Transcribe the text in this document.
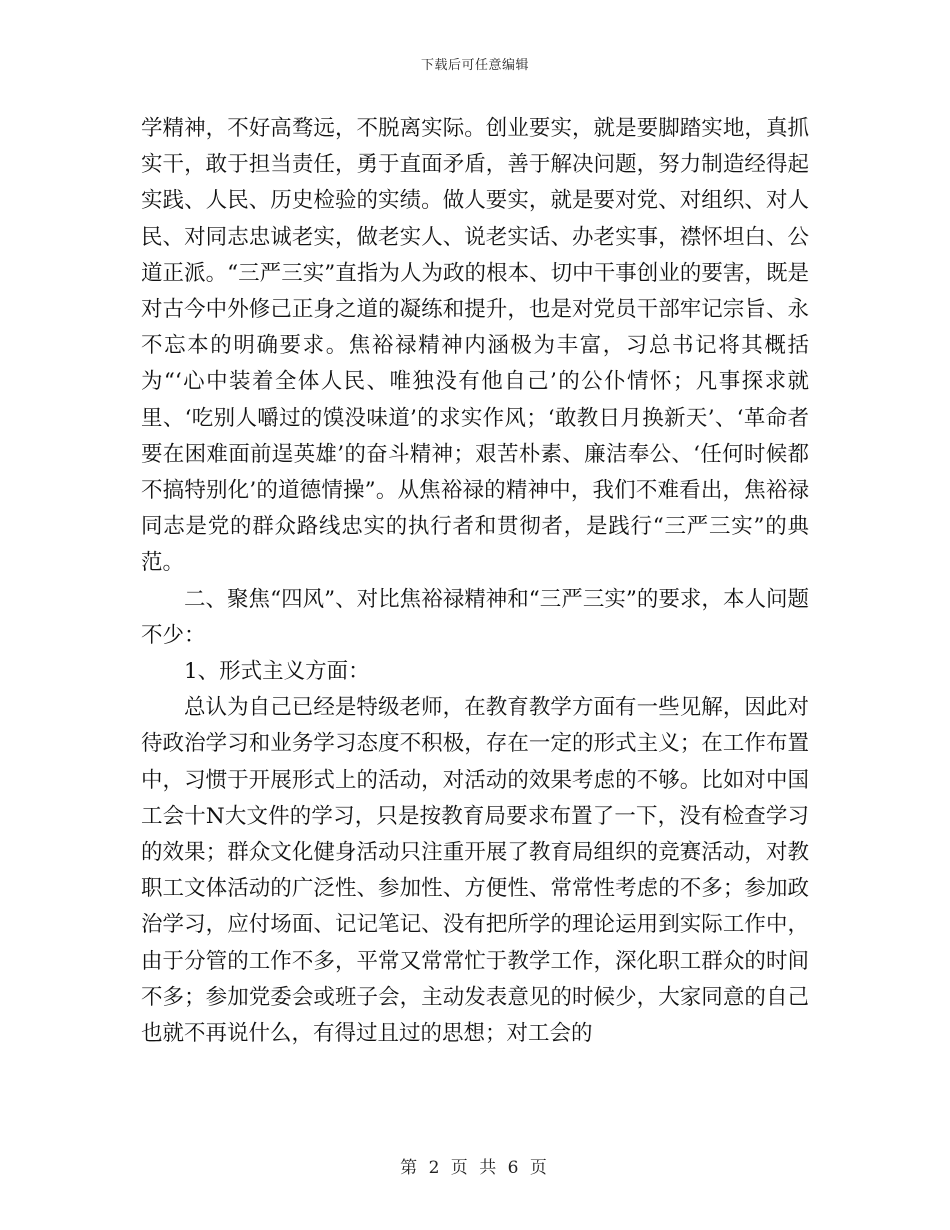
下载后可任意编辑

学精神，不好高骛远，不脱离实际。创业要实，就是要脚踏实地，真抓实干，敢于担当责任，勇于直面矛盾，善于解决问题，努力制造经得起实践、人民、历史检验的实绩。做人要实，就是要对党、对组织、对人民、对同志忠诚老实，做老实人、说老实话、办老实事，襟怀坦白、公道正派。“三严三实”直指为人为政的根本、切中干事创业的要害，既是对古今中外修己正身之道的凝练和提升，也是对党员干部牢记宗旨、永不忘本的明确要求。焦裕禄精神内涵极为丰富，习总书记将其概括为“‘心中装着全体人民、唯独没有他自己’的公仆情怀；凡事探求就里、‘吃别人嚼过的馍没味道’的求实作风；‘敢教日月换新天’、‘革命者要在困难面前逞英雄’的奋斗精神；艰苦朴素、廉洁奉公、‘任何时候都不搞特别化’的道德情操”。从焦裕禄的精神中，我们不难看出，焦裕禄同志是党的群众路线忠实的执行者和贯彻者，是践行“三严三实”的典范。

二、聚焦“四风”、对比焦裕禄精神和“三严三实”的要求，本人问题不少：

1、形式主义方面：

总认为自己已经是特级老师，在教育教学方面有一些见解，因此对待政治学习和业务学习态度不积极，存在一定的形式主义；在工作布置中，习惯于开展形式上的活动，对活动的效果考虑的不够。比如对中国工会十N大文件的学习，只是按教育局要求布置了一下，没有检查学习的效果；群众文化健身活动只注重开展了教育局组织的竞赛活动，对教职工文体活动的广泛性、参加性、方便性、常常性考虑的不多；参加政治学习，应付场面、记记笔记、没有把所学的理论运用到实际工作中，由于分管的工作不多，平常又常常忙于教学工作，深化职工群众的时间不多；参加党委会或班子会，主动发表意见的时候少，大家同意的自己也就不再说什么，有得过且过的思想；对工会的

第 2 页 共 6 页
